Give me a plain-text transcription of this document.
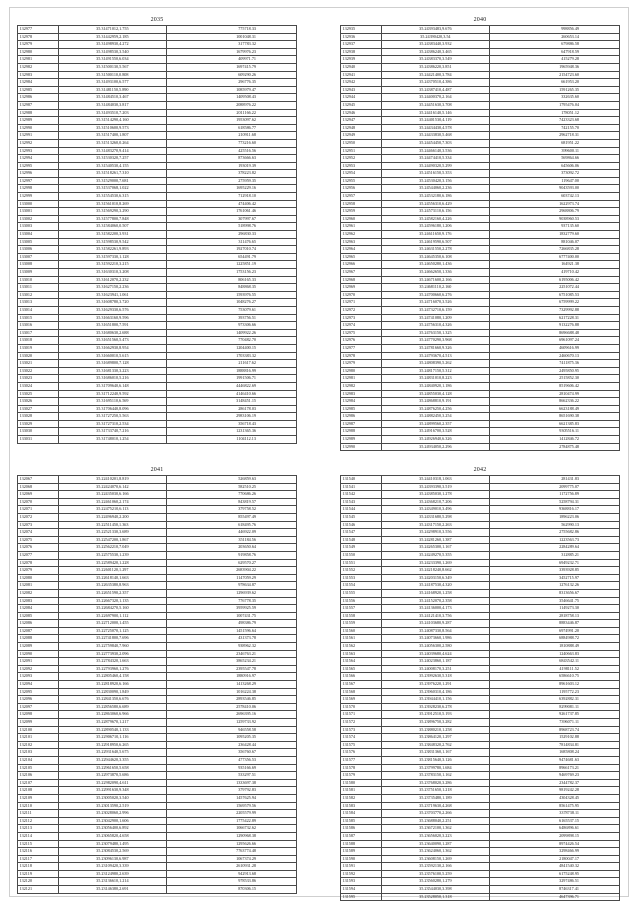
2035
132977	35.31471012,1.755	775718.33
132978	35.31442959,2.185	1001048.31
132979	35.31498930,4.272	317783.32
132980	35.31498530,3.540	1679976.23
132981	35.31491550,6.034	409971.71
132982	35.31500130,5.567	1697415.79
132983	35.31500110,0.808	609290.26
132984	35.31493100,6.577	296776.35
132985	35.31481150,5.890	1085979.47
132986	35.31484510,3.467	1409508.43
132987	35.31484030,3.817	2088976.22
132988	35.31493510,7.203	2011166.22
132989	35.31514290,4.160	1953097.62
132990	35.31510600,9.573	618586.77
132991	35.31517400,1.807	210911.68
132992	35.31513260,0.264	773216.60
132993	35.31483270,9.414	425516.56
132994	35.31530320,7.257	873666.63
132995	35.31540530,4.155	193019.39
132996	35.31518261,7.310	378223.82
132997	35.31529000,7.681	275959.35
132998	35.31537068,1.022	1695229.16
132999	35.31554530,6.315	712918.10
133000	35.31561010,8.269	474406.42
133001	35.31569290,3.290	1761061.46
133002	35.31577800,7.848	307997.67
133003	35.31584060,0.507	518998.76
133004	35.31582200,3.931	296830.33
133005	35.31598530,9.542	311476.65
133006	35.31582261,9.893	1927010.74
133007	35.31597330,1.128	654491.79
133008	35.31592210,3.215	1225851.19
133009	35.31630310,3.208	1753156.23
133010	35.31612070,2.232	806165.33
133011	35.31627150,2.236	848868.35
133012	35.31623941,1.061	1593976.55
133013	35.31608780,3.720	1048276.27
133014	35.31629330,6.576	753079.61
133015	35.31663160,9.596	393756.51
133016	35.31651800,7.591	973306.66
133017	35.31680630,2.688	1409922.26
133018	35.31651560,5.473	770482.70
133019	35.31662930,8.954	1204400.15
133020	35.31660010,5.615	1703383.32
133021	35.31689800,7.128	211617.62
133022	35.31681330,3.223	1888816.99
133023	35.31686010,5.216	1991506.71
133024	35.31709640,6.148	4446822.69
133025	35.31712240,9.592	4146410.66
133026	35.31695110,6.569	3148451.15
133027	35.31706440,8.096	286178.03
133028	35.31727250,5.563	2983106.19
133029	35.31727310,2.534	356718.43
133030	35.31733740,7.216	1231365.36
133031	35.31748010,1.254	1104112.13
2040
132935	35.24393483,9.676	998856.49
132936	35.24390420,3.54	260653.14
132937	35.24383440,3.932	679886.58
132938	35.24386240,3.465	647918.59
132939	35.24383370,3.549	415279.28
132940	35.24386220,3.851	1965948.36
132941	35.24421400,3.784	2154723.60
132942	35.24370510,4.386	661953.20
132943	35.24387410,4.487	1591265.35
132944	35.24400370,2.164	332635.60
132945	35.24451630,3.708	1795476.04
132946	35.24416140,5.146	178051.12
132947	35.24401530,4.119	7423323.68
132948	35.24434430,4.578	742155.70
132949	35.24433830,5.468	2962718.31
132950	35.24454450,7.303	681951.22
132951	35.24466140,3.536	399600.11
132952	35.24474410,5.334	569864.66
132953	35.24490320,5.299	645606.06
132954	35.24516150,5.353	373092.72
132955	35.24530420,3.156	119647.00
132956	35.24544060,2.236	9043593.00
132957	35.24532180,6.186	603742.13
132958	35.24556310,6.429	1622973.74
132959	35.24573110,6.156	2968806.79
132960	35.24582160,4.226	9038960.53
132961	35.24596180,1.206	937135.60
132962	35.24611650,9.176	1832779.60
132963	35.24619590,6.507	881046.07
132964	35.24631550,2.278	7266835.28
132965	35.24645350,6.108	6777400.00
132966	35.24650280,1.436	164921.38
132967	35.24662650,1.336	419710.42
132968	35.24671600,2.166	6195006.42
132969	35.24681110,2.160	2251072.44
132970	35.24700660,6.276	6751085.53
132971	35.24716070,3.526	6759999.22
132972	35.24732710,6.159	7329992.88
132973	35.24741080,1.209	6217228.31
132974	35.24756310,4.326	9132276.88
132975	35.24763150,1.325	8696688.48
132976	35.24770290,3.968	6961097.24
132977	35.24781660,9.326	4609616.99
132978	35.24793670,4.513	2460670.13
132979	35.24808390,5.262	7411875.36
132980	35.24817150,5.312	2495850.95
132981	35.24831010,8.223	2515852.30
132982	35.24840920,1.186	8519606.42
132983	35.24855030,4.128	2810474.99
132984	35.24868810,9.191	8662336.22
132985	35.24876250,4.256	6623188.49
132986	35.24882450,3.254	8651690.38
132987	35.24899560,2.357	6621385.83
132988	35.24916700,3.528	9305516.11
132989	35.24926940,6.326	1412846.72
132990	35.24934050,2.296	2784875.48
2041
132067	35.22410201,8.819	526859.63
132068	35.22424070,6.142	582510.25
132069	35.22435030,6.166	770686.26
132070	35.22461060,2.174	843819.57
132071	35.22475210,6.113	379758.52
132072	35.22496940,2.200	855497.49
132073	35.22511450,1.363	618495.76
132074	35.22521330,3.689	446922.09
132075	35.22547200,1.867	351184.56
132076	35.22562210,7.049	203650.64
132077	35.22575530,1.239	919858.76
132078	35.22589420,1.228	629570.27
132079	35.22601120,1.297	2683904.22
132080	35.22618140,1.663	1147059.29
132081	35.22635380,8.963	978634.87
132082	35.22651590,2.357	1296939.62
132083	35.22667320,1.135	776778.35
132084	35.22684270,5.160	3959925.59
132085	35.22697900,1.112	1007431.75
132086	35.22712000,1.455	498386.79
132087	35.22725070,1.125	1451596.64
132088	35.22741800,7.696	431373.78
132089	35.22759840,7.960	938962.32
132090	35.22773930,2.096	2346763.21
132091	35.22784320,1.663	3865234.21
132092	35.22793960,1.276	2395547.78
132093	35.22805460,4.158	1880916.97
132094	35.22818920,6.166	1413268.29
132095	35.22830090,1.849	1016224.38
132096	35.22841350,6.676	2893546.85
132097	35.22856580,6.689	2578410.06
132098	35.22863060,6.966	2696395.16
132099	35.22879670,1.217	1259733.92
132100	35.22890540,1.133	946558.58
132101	35.22906710,1.116	1095205.35
132102	35.22918950,6.265	236428.44
132103	35.22931640,5.675	356760.67
132104	35.22944620,3.355	477356.53
132105	35.22961650,5.658	935166.69
132106	35.22973870,5.686	533297.51
132107	35.22982090,4.611	1333697.38
132108	35.22991630,9.348	379792.83
132109	35.23005020,3.540	1457625.94
132110	35.23013590,2.519	1569579.56
132111	35.23028060,2.996	2205579.99
132112	35.23042900,1.606	1775422.89
132113	35.23056400,6.892	1066732.62
132114	35.23065820,4.658	1290968.38
132115	35.23079480,1.495	1295626.66
132116	35.23084530,2.569	7763774.48
132117	35.23096130,6.987	1067374.29
132118	35.23109420,3.339	2610931.28
132119	35.23124980,2.639	942913.68
132120	35.23136610,1.214	978533.86
132121	35.23146380,2.691	870306.15
2042
131540	35.24410318,1.063	281431.83
131541	35.24393390,3.519	2099775.07
131542	35.24385030,1.278	1172756.89
131543	35.24368210,7.206	5258794.31
131544	35.24349010,3.496	9368816.17
131545	35.24331680,5.298	1896223.06
131546	35.24317150,2.263	562990.13
131547	35.24298910,3.556	2755682.86
131548	35.24281260,1.387	1223563.73
131549	35.24265300,1.167	2284289.64
131550	35.24249270,5.355	312885.21
131551	35.24233390,1.269	6949232.71
131552	35.24218240,8.662	3393928.85
131553	35.24203150,6.349	3452715.97
131554	35.24187530,4.320	1276132.26
131555	35.24168920,1.258	8313656.67
131556	35.24152070,2.358	3546641.75
131557	35.24136000,4.173	1149273.30
131558	35.24121410,3.756	2818758.13
131559	35.24103680,9.287	8883446.87
131560	35.24087330,8.564	6974991.20
131561	35.24073660,1.986	6884988.72
131562	35.24056300,2.580	1810888.49
131563	35.24039680,4.624	1240663.83
131564	35.24023860,1.187	6843542.11
131565	35.24008170,3.251	4198111.52
131566	35.23992630,5.318	6586610.75
131567	35.23976220,1.291	8961603.12
131568	35.23960310,4.186	1195772.23
131569	35.23944410,1.156	6392882.31
131570	35.23928230,6.278	8299081.11
131571	35.23912510,5.193	9261737.85
131572	35.23896750,3.282	7396071.11
131573	35.23880210,1.258	8968723.74
131574	35.23864120,1.297	1529102.88
131575	35.23848320,2.762	7814834.81
131576	35.23831360,1.167	1685808.24
131577	35.23815640,3.126	9474681.63
131578	35.23799780,1.684	8966173.21
131579	35.23783150,1.162	9469769.23
131580	35.23768020,3.286	2344782.37
131581	35.23751650,1.218	9819242.28
131582	35.23735480,1.189	4304328.45
131583	35.23719630,4.268	8561475.95
131584	35.23703770,2.266	3378738.11
131585	35.23688040,2.251	6165537.15
131586	35.23672100,1.362	6486896.61
131587	35.23656020,3.223	2099898.15
131588	35.23640090,1.287	8974426.54
131589	35.23624060,1.362	3298466.99
131590	35.23608150,1.269	2180047.17
131591	35.23592130,2.166	4841540.32
131592	35.23576100,5.259	6175248.95
131593	35.23560280,1.279	3297486.51
131594	35.23544030,3.398	8746317.41
131595	35.23528050,1.318	4647396.71
